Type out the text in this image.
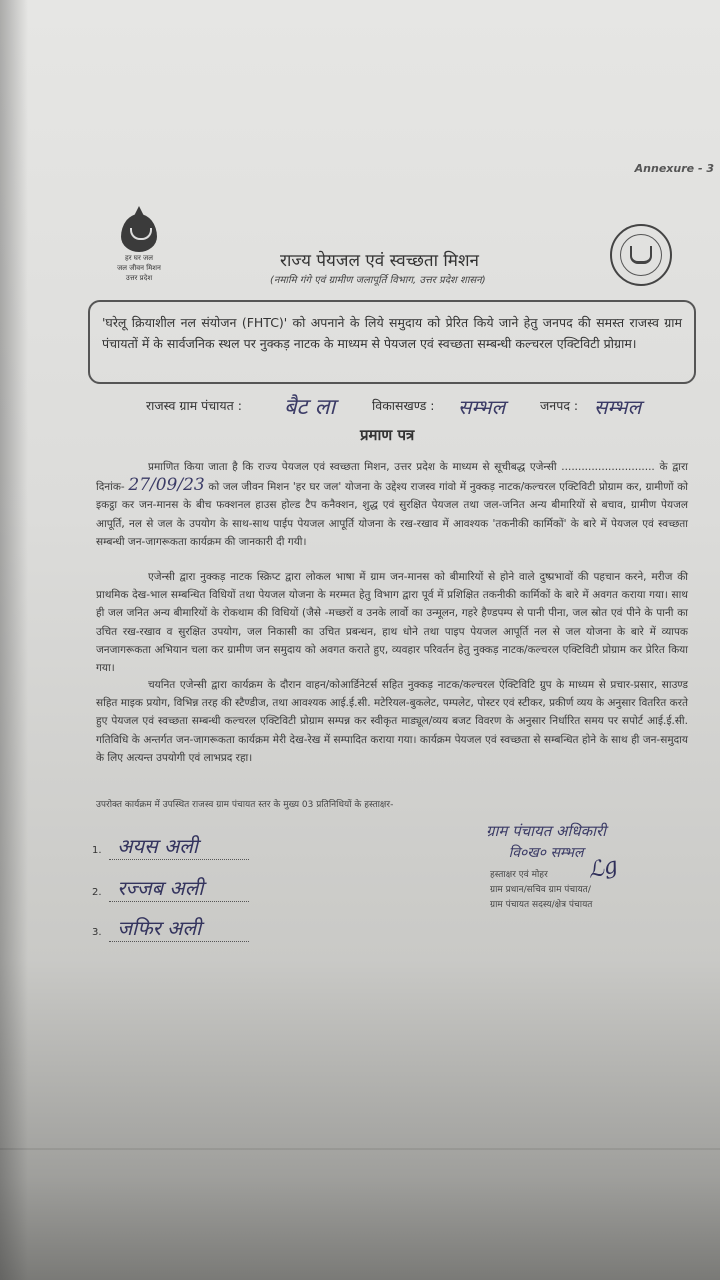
Annexure - 3
हर घर जल
जल जीवन मिशन
उत्तर प्रदेश
राज्य पेयजल एवं स्वच्छता मिशन
(नमामि गंगे एवं ग्रामीण जलापूर्ति विभाग, उत्तर प्रदेश शासन)
'घरेलू क्रियाशील नल संयोजन (FHTC)' को अपनाने के लिये समुदाय को प्रेरित किये जाने हेतु जनपद की समस्त राजस्व ग्राम पंचायतों में के सार्वजनिक स्थल पर नुक्कड़ नाटक के माध्यम से पेयजल एवं स्वच्छता सम्बन्धी कल्चरल एक्टिविटी प्रोग्राम।
राजस्व ग्राम पंचायत : बैट ला	विकासखण्ड : सम्भल	जनपद : सम्भल
प्रमाण पत्र
प्रमाणित किया जाता है कि राज्य पेयजल एवं स्वच्छता मिशन, उत्तर प्रदेश के माध्यम से सूचीबद्ध एजेन्सी ............................ के द्वारा दिनांक- 27/09/23 को जल जीवन मिशन 'हर घर जल' योजना के उद्देश्य राजस्व गांवो में नुक्कड़ नाटक/कल्चरल एक्टिविटी प्रोग्राम कर, ग्रामीणों को इकट्ठा कर जन-मानस के बीच फक्शनल हाउस होल्ड टैप कनैक्शन, शुद्ध एवं सुरक्षित पेयजल तथा जल-जनित अन्य बीमारियों से बचाव, ग्रामीण पेयजल आपूर्ति, नल से जल के उपयोग के साथ-साथ पाईप पेयजल आपूर्ति योजना के रख-रखाव में आवश्यक 'तकनीकी कार्मिकों' के बारे में पेयजल एवं स्वच्छता सम्बन्धी जन-जागरूकता कार्यक्रम की जानकारी दी गयी।
एजेन्सी द्वारा नुक्कड़ नाटक स्क्रिप्ट द्वारा लोकल भाषा में ग्राम जन-मानस को बीमारियों से होने वाले दुष्प्रभावों की पहचान करने, मरीज की प्राथमिक देख-भाल सम्बन्धित विधियों तथा पेयजल योजना के मरम्मत हेतु विभाग द्वारा पूर्व में प्रशिक्षित तकनीकी कार्मिकों के बारे में अवगत कराया गया। साथ ही जल जनित अन्य बीमारियों के रोकथाम की विधियों (जैसे -मच्छरों व उनके लार्वो का उन्मूलन, गहरे हैण्डपम्प से पानी पीना, जल स्रोत एवं पीने के पानी का उचित रख-रखाव व सुरक्षित उपयोग, जल निकासी का उचित प्रबन्धन, हाथ धोने तथा पाइप पेयजल आपूर्ति नल से जल योजना के बारे में व्यापक जनजागरूकता अभियान चला कर ग्रामीण जन समुदाय को अवगत कराते हुए, व्यवहार परिवर्तन हेतु नुक्कड़ नाटक/कल्चरल एक्टिविटी प्रोग्राम कर प्रेरित किया गया।
चयनित एजेन्सी द्वारा कार्यक्रम के दौरान वाहन/कोआर्डिनेटर्स सहित नुक्कड़ नाटक/कल्चरल ऐक्टिविटि ग्रुप के माध्यम से प्रचार-प्रसार, साउण्ड सहित माइक प्रयोग, विभिन्न तरह की स्टैण्डीज, तथा आवश्यक आई.ई.सी. मटेरियल-बुकलेट, पम्पलेट, पोस्टर एवं स्टीकर, प्रकीर्ण व्यय के अनुसार वितरित करते हुए पेयजल एवं स्वच्छता सम्बन्धी कल्चरल एक्टिविटी प्रोग्राम सम्पन्न कर स्वीकृत माड्यूल/व्यय बजट विवरण के अनुसार निर्धारित समय पर सपोर्ट आई.ई.सी. गतिविधि के अन्तर्गत जन-जागरूकता कार्यक्रम मेरी देख-रेख में सम्पादित कराया गया। कार्यक्रम पेयजल एवं स्वच्छता से सम्बन्धित होने के साथ ही जन-समुदाय के लिए अत्यन्त उपयोगी एवं लाभप्रद रहा।
उपरोक्त कार्यक्रम में उपस्थित राजस्व ग्राम पंचायत स्तर के मुख्य 03 प्रतिनिधियों के हस्ताक्षर-
1. अयस अली
2. रज्जब अली
3. जफिर अली
ग्राम पंचायत अधिकारी
वि०ख० सम्भल
ℒg
हस्ताक्षर एवं मोहर
ग्राम प्रधान/सचिव ग्राम पंचायत/
ग्राम पंचायत सदस्य/क्षेत्र पंचायत
